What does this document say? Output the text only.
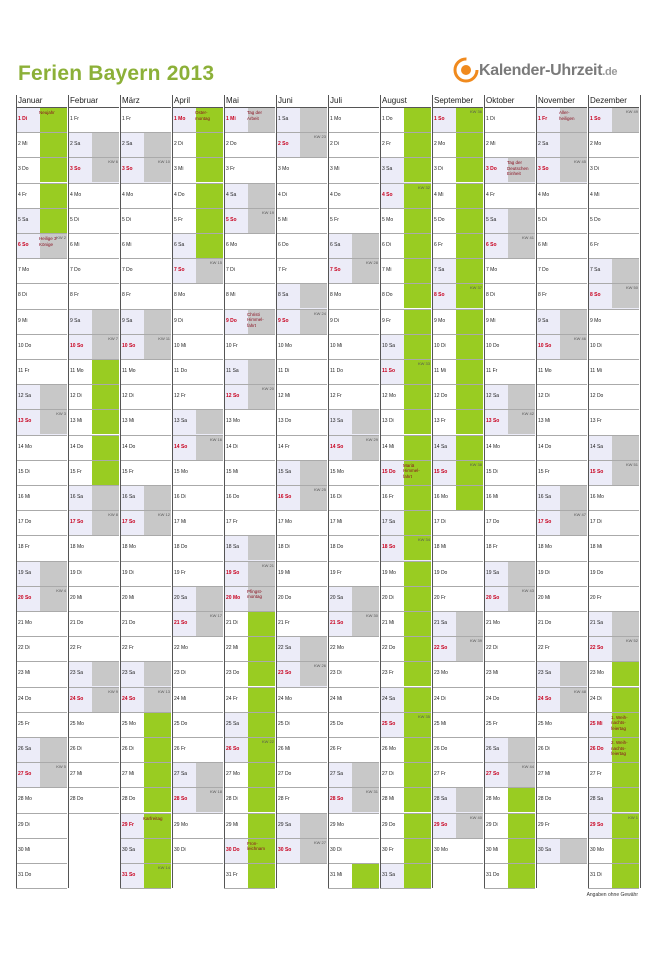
Ferien Bayern 2013	Kalender-Uhrzeit.de
Januar
1 Di
Neujahr
2 Mi
3 Do
4 Fr
5 Sa
6 So
Heilige 3 Könige
KW 2
7 Mo
8 Di
9 Mi
10 Do
11 Fr
12 Sa
13 So
KW 3
14 Mo
15 Di
16 Mi
17 Do
18 Fr
19 Sa
20 So
KW 4
21 Mo
22 Di
23 Mi
24 Do
25 Fr
26 Sa
27 So
KW 5
28 Mo
29 Di
30 Mi
31 Do
Februar
1 Fr
2 Sa
3 So
KW 6
4 Mo
5 Di
6 Mi
7 Do
8 Fr
9 Sa
10 So
KW 7
11 Mo
12 Di
13 Mi
14 Do
15 Fr
16 Sa
17 So
KW 8
18 Mo
19 Di
20 Mi
21 Do
22 Fr
23 Sa
24 So
KW 9
25 Mo
26 Di
27 Mi
28 Do
März
1 Fr
2 Sa
3 So
KW 10
4 Mo
5 Di
6 Mi
7 Do
8 Fr
9 Sa
10 So
KW 11
11 Mo
12 Di
13 Mi
14 Do
15 Fr
16 Sa
17 So
KW 12
18 Mo
19 Di
20 Mi
21 Do
22 Fr
23 Sa
24 So
KW 13
25 Mo
26 Di
27 Mi
28 Do
29 Fr
Karfreitag
30 Sa
31 So
KW 14
April
1 Mo
Oster-montag
2 Di
3 Mi
4 Do
5 Fr
6 Sa
7 So
KW 15
8 Mo
9 Di
10 Mi
11 Do
12 Fr
13 Sa
14 So
KW 16
15 Mo
16 Di
17 Mi
18 Do
19 Fr
20 Sa
21 So
KW 17
22 Mo
23 Di
24 Mi
25 Do
26 Fr
27 Sa
28 So
KW 18
29 Mo
30 Di
Mai
1 Mi
Tag der Arbeit
2 Do
3 Fr
4 Sa
5 So
KW 19
6 Mo
7 Di
8 Mi
9 Do
Christi Himmel-fahrt
10 Fr
11 Sa
12 So
KW 20
13 Mo
14 Di
15 Mi
16 Do
17 Fr
18 Sa
19 So
KW 21
20 Mo
Pfingst-montag
21 Di
22 Mi
23 Do
24 Fr
25 Sa
26 So
KW 22
27 Mo
28 Di
29 Mi
30 Do
Fron-leichnam
31 Fr
Juni
1 Sa
2 So
KW 23
3 Mo
4 Di
5 Mi
6 Do
7 Fr
8 Sa
9 So
KW 24
10 Mo
11 Di
12 Mi
13 Do
14 Fr
15 Sa
16 So
KW 25
17 Mo
18 Di
19 Mi
20 Do
21 Fr
22 Sa
23 So
KW 26
24 Mo
25 Di
26 Mi
27 Do
28 Fr
29 Sa
30 So
KW 27
Juli
1 Mo
2 Di
3 Mi
4 Do
5 Fr
6 Sa
7 So
KW 28
8 Mo
9 Di
10 Mi
11 Do
12 Fr
13 Sa
14 So
KW 29
15 Mo
16 Di
17 Mi
18 Do
19 Fr
20 Sa
21 So
KW 30
22 Mo
23 Di
24 Mi
25 Do
26 Fr
27 Sa
28 So
KW 31
29 Mo
30 Di
31 Mi
August
1 Do
2 Fr
3 Sa
4 So
KW 32
5 Mo
6 Di
7 Mi
8 Do
9 Fr
10 Sa
11 So
KW 33
12 Mo
13 Di
14 Mi
15 Do
Mariä Himmel-fahrt
16 Fr
17 Sa
18 So
KW 34
19 Mo
20 Di
21 Mi
22 Do
23 Fr
24 Sa
25 So
KW 35
26 Mo
27 Di
28 Mi
29 Do
30 Fr
31 Sa
September
1 So
KW 36
2 Mo
3 Di
4 Mi
5 Do
6 Fr
7 Sa
8 So
KW 37
9 Mo
10 Di
11 Mi
12 Do
13 Fr
14 Sa
15 So
KW 38
16 Mo
17 Di
18 Mi
19 Do
20 Fr
21 Sa
22 So
KW 39
23 Mo
24 Di
25 Mi
26 Do
27 Fr
28 Sa
29 So
KW 40
30 Mo
Oktober
1 Di
2 Mi
3 Do
Tag der Deutschen Einheit
4 Fr
5 Sa
6 So
KW 41
7 Mo
8 Di
9 Mi
10 Do
11 Fr
12 Sa
13 So
KW 42
14 Mo
15 Di
16 Mi
17 Do
18 Fr
19 Sa
20 So
KW 43
21 Mo
22 Di
23 Mi
24 Do
25 Fr
26 Sa
27 So
KW 44
28 Mo
29 Di
30 Mi
31 Do
November
1 Fr
Aller-heiligen
2 Sa
3 So
KW 45
4 Mo
5 Di
6 Mi
7 Do
8 Fr
9 Sa
10 So
KW 46
11 Mo
12 Di
13 Mi
14 Do
15 Fr
16 Sa
17 So
KW 47
18 Mo
19 Di
20 Mi
21 Do
22 Fr
23 Sa
24 So
KW 48
25 Mo
26 Di
27 Mi
28 Do
29 Fr
30 Sa
Dezember
1 So
KW 49
2 Mo
3 Di
4 Mi
5 Do
6 Fr
7 Sa
8 So
KW 50
9 Mo
10 Di
11 Mi
12 Do
13 Fr
14 Sa
15 So
KW 51
16 Mo
17 Di
18 Mi
19 Do
20 Fr
21 Sa
22 So
KW 52
23 Mo
24 Di
25 Mi
1. Weih-nachts-feiertag
26 Do
2. Weih-nachts-feiertag
27 Fr
28 Sa
29 So
KW 1
30 Mo
31 Di
Angaben ohne Gewähr
